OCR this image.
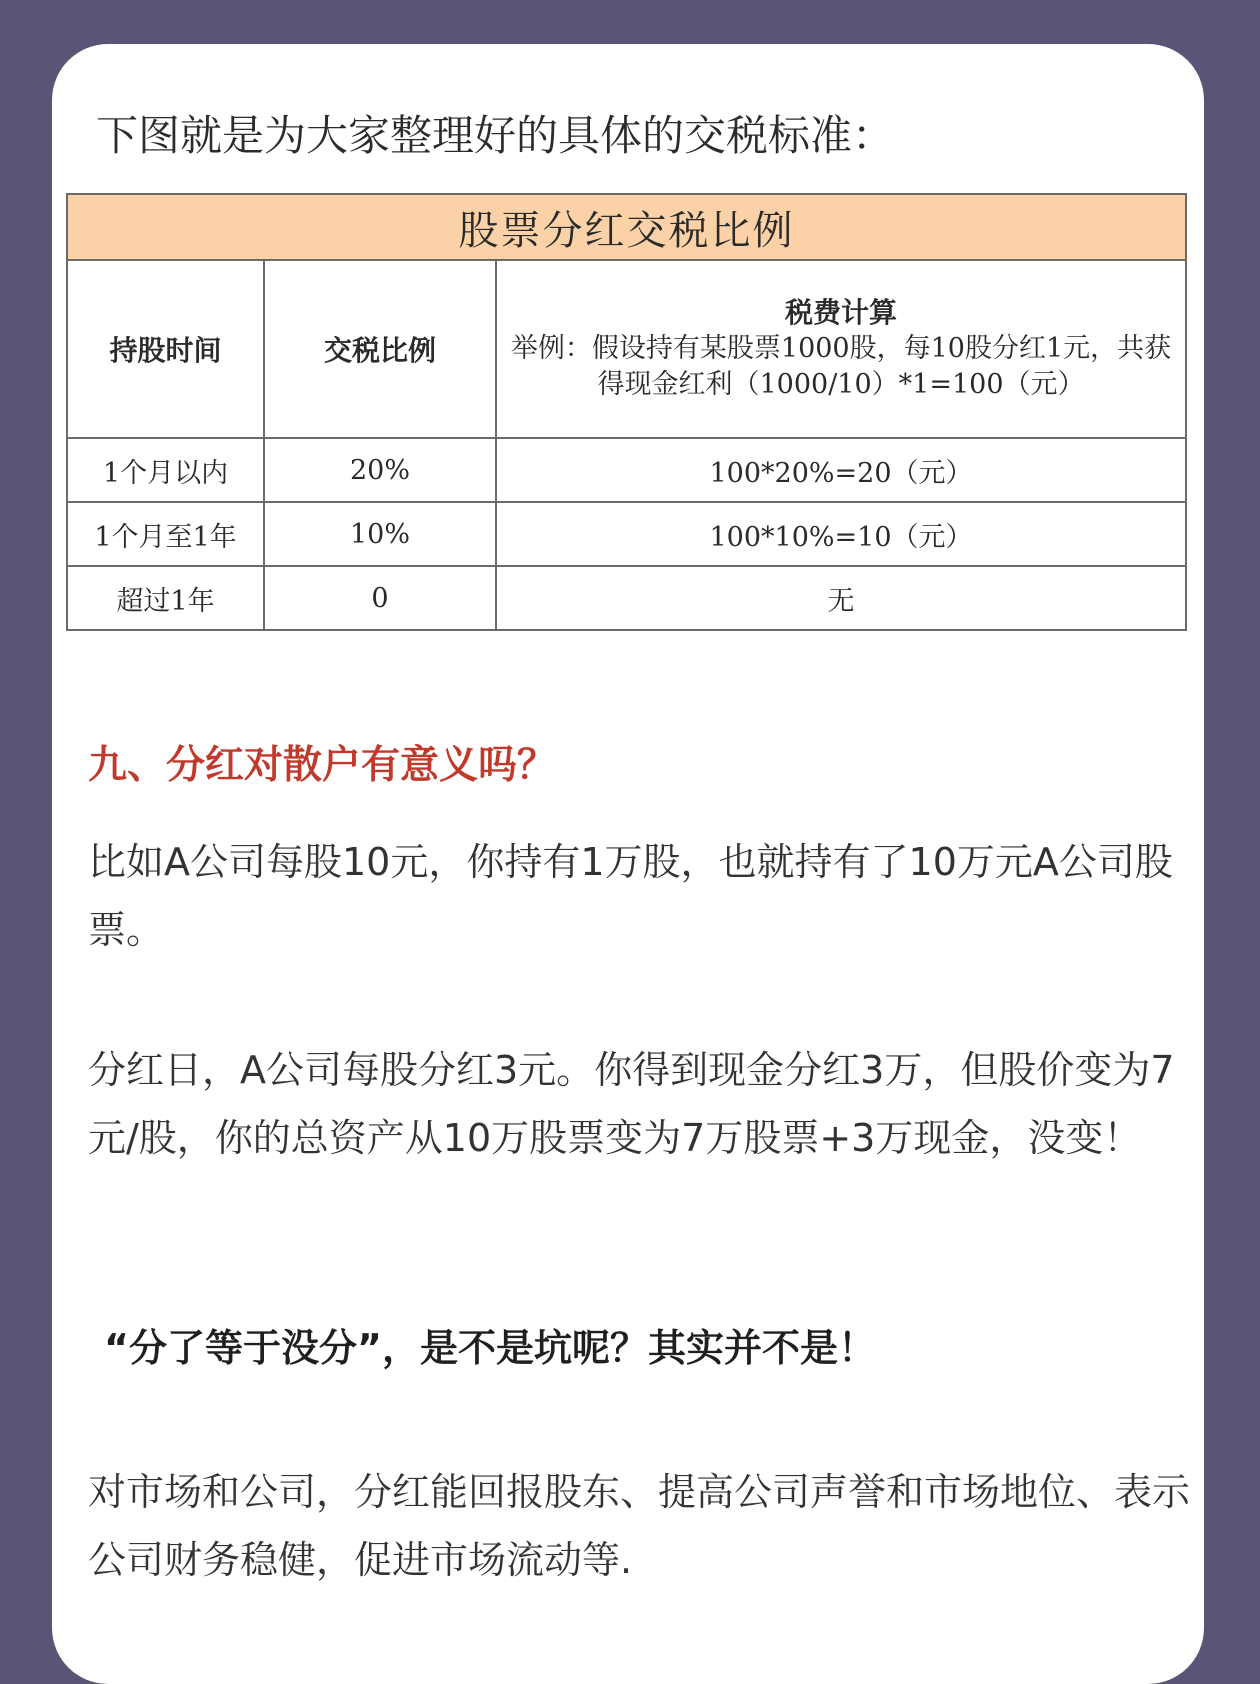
下图就是为大家整理好的具体的交税标准：

股票分红交税比例		
持股时间	交税比例	税费计算
举例：假设持有某股票1000股，每10股分红1元，共获得现金红利（1000/10）*1=100（元）

1个月以内	20%	100*20%=20（元）
1个月至1年	10%	100*10%=10（元）
超过1年	0	无
九、分红对散户有意义吗？

比如A公司每股10元，你持有1万股，也就持有了10万元A公司股票。

分红日，A公司每股分红3元。你得到现金分红3万，但股价变为7元/股，你的总资产从10万股票变为7万股票+3万现金，没变！

“分了等于没分”，是不是坑呢？其实并不是！

对市场和公司，分红能回报股东、提高公司声誉和市场地位、表示公司财务稳健，促进市场流动等.
